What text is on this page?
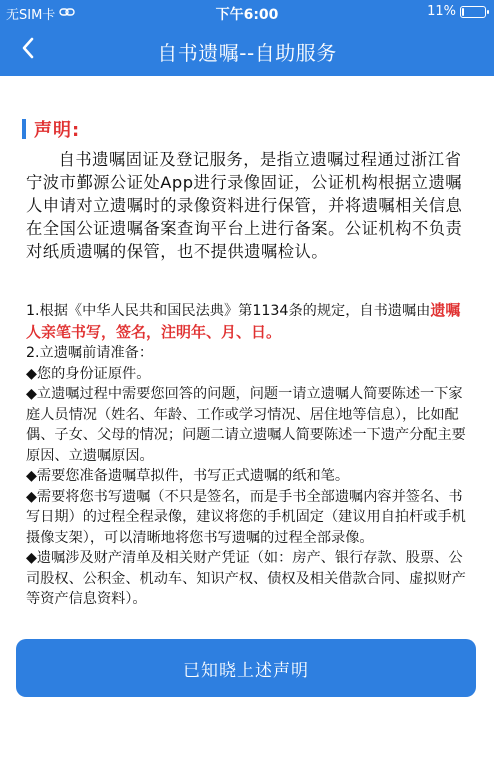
无SIM卡	下午6:00	11%
自书遗嘱--自助服务
声明:
自书遗嘱固证及登记服务，是指立遗嘱过程通过浙江省宁波市鄞源公证处App进行录像固证，公证机构根据立遗嘱人申请对立遗嘱时的录像资料进行保管，并将遗嘱相关信息在全国公证遗嘱备案查询平台上进行备案。公证机构不负责对纸质遗嘱的保管，也不提供遗嘱检认。

1.根据《中华人民共和国民法典》第1134条的规定，自书遗嘱由遗嘱人亲笔书写，签名，注明年、月、日。

2.立遗嘱前请准备：

◆您的身份证原件。

◆立遗嘱过程中需要您回答的问题，问题一请立遗嘱人简要陈述一下家庭人员情况（姓名、年龄、工作或学习情况、居住地等信息），比如配偶、子女、父母的情况；问题二请立遗嘱人简要陈述一下遗产分配主要原因、立遗嘱原因。

◆需要您准备遗嘱草拟件，书写正式遗嘱的纸和笔。

◆需要将您书写遗嘱（不只是签名，而是手书全部遗嘱内容并签名、书写日期）的过程全程录像，建议将您的手机固定（建议用自拍杆或手机摄像支架），可以清晰地将您书写遗嘱的过程全部录像。

◆遗嘱涉及财产清单及相关财产凭证（如：房产、银行存款、股票、公司股权、公积金、机动车、知识产权、债权及相关借款合同、虚拟财产等资产信息资料）。

已知晓上述声明
